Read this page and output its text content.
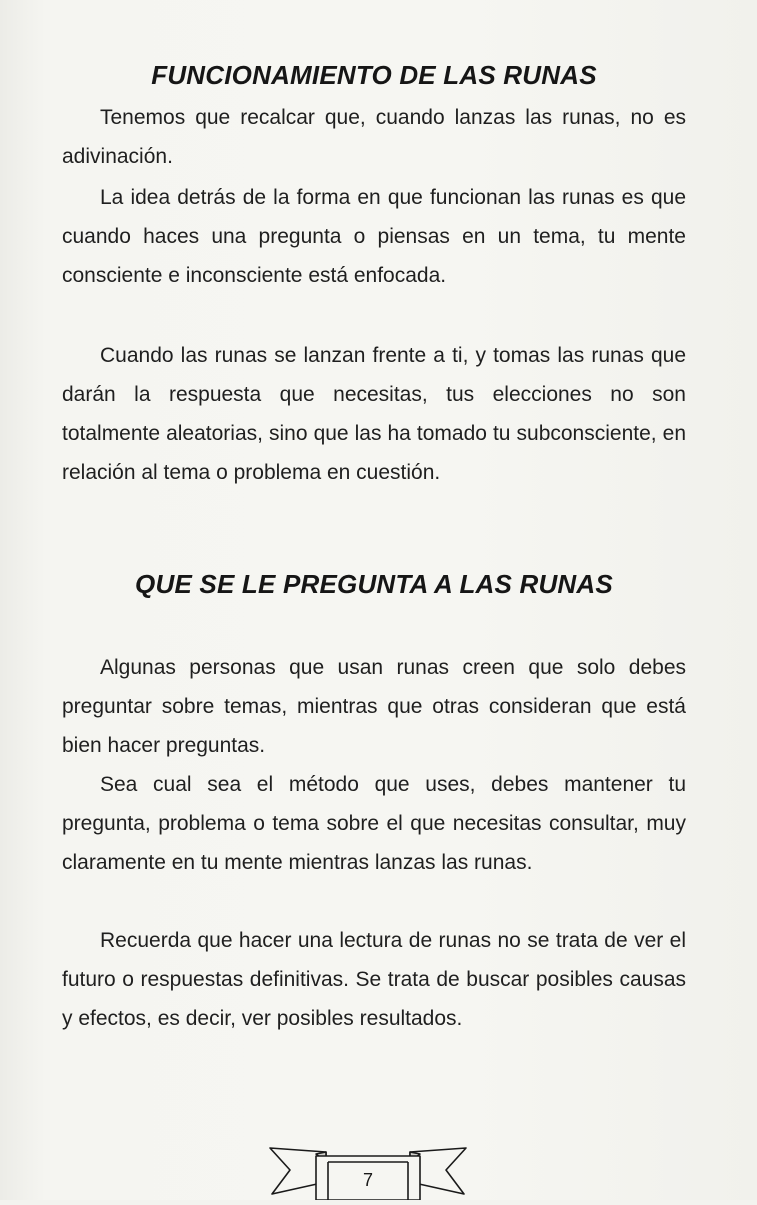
FUNCIONAMIENTO DE LAS RUNAS

Tenemos que recalcar que, cuando lanzas las runas, no es adivinación.

La idea detrás de la forma en que funcionan las runas es que cuando haces una pregunta o piensas en un tema, tu mente consciente e inconsciente está enfocada.

Cuando las runas se lanzan frente a ti, y tomas las runas que darán la respuesta que necesitas, tus elecciones no son totalmente aleatorias, sino que las ha tomado tu subconsciente, en relación al tema o problema en cuestión.

QUE SE LE PREGUNTA A LAS RUNAS

Algunas personas que usan runas creen que solo debes preguntar sobre temas, mientras que otras consideran que está bien hacer preguntas.

Sea cual sea el método que uses, debes mantener tu pregunta, problema o tema sobre el que necesitas consultar, muy claramente en tu mente mientras lanzas las runas.

Recuerda que hacer una lectura de runas no se trata de ver el futuro o respuestas definitivas. Se trata de buscar posibles causas y efectos, es decir, ver posibles resultados.

7
